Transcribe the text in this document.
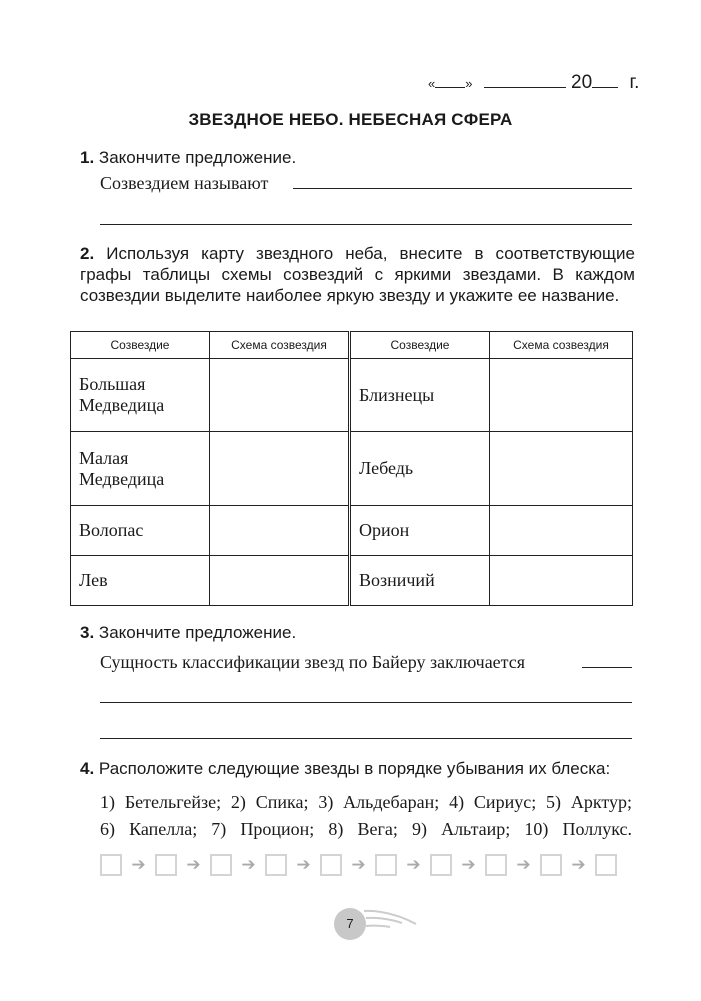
« »	20 г.
ЗВЕЗДНОЕ НЕБО. НЕБЕСНАЯ СФЕРА
1. Закончите предложение.
Созвездием называют
2. Используя карту звездного неба, внесите в соответствующие графы таблицы схемы созвездий с яркими звездами. В каждом созвездии выделите наиболее яркую звезду и укажите ее название.
Созвездие	Схема созвездия	Созвездие	Схема созвездия
Большая Медведица		Близнецы	
Малая Медведица		Лебедь	
Волопас		Орион	
Лев		Возничий	
3. Закончите предложение.
Сущность классификации звезд по Байеру заключается
4. Расположите следующие звезды в порядке убывания их блеска:
1) Бетельгейзе; 2) Спика; 3) Альдебаран; 4) Сириус; 5) Арктур;
6) Капелла; 7) Процион; 8) Вега; 9) Альтаир; 10) Поллукс.
➔	➔	➔	➔	➔	➔	➔	➔	➔
7
